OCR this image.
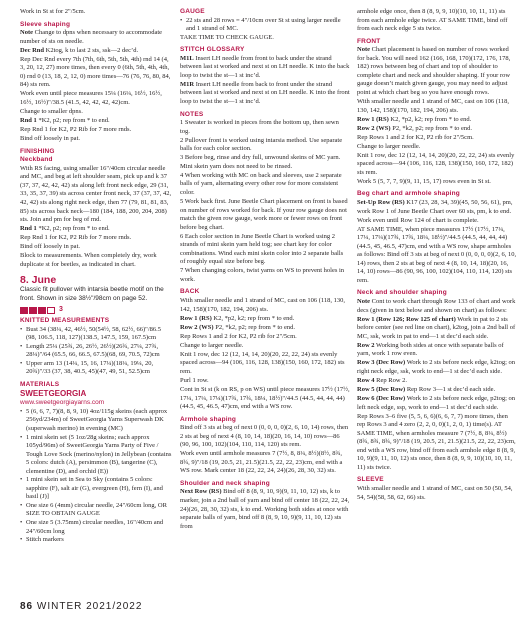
Work in St st for 2"/5cm.

Sleeve shaping

Note Change to dpns when necessary to accommodate number of sts on needle.

Dec Rnd K2tog, k to last 2 sts, ssk—2 dec’d.

Rep Dec Rnd every 7th (7th, 6th, 5th, 5th, 4th) rnd 14 (4, 3, 20, 12, 27) more times, then every 0 (6th, 5th, 4th, 4th, 0) rnd 0 (13, 18, 2, 12, 0) more times—76 (76, 76, 80, 84, 84) sts rem.

Work even until piece measures 15¼ (16¼, 16½, 16½, 16½, 16½)"/38.5 (41.5, 42, 42, 42, 42)cm.

Change to smaller dpns.

Rnd 1 *K2, p2; rep from * to end.

Rep Rnd 1 for K2, P2 Rib for 7 more rnds.

Bind off loosely in pat.

FINISHING
Neckband

With RS facing, using smaller 16"/40cm circular needle and MC, and beg at left shoulder seam, pick up and k 37 (37, 37, 42, 42, 42) sts along left front neck edge, 29 (31, 33, 35, 37, 39) sts across center front neck, 37 (37, 37, 42, 42, 42) sts along right neck edge, then 77 (79, 81, 81, 83, 85) sts across back neck—180 (184, 188, 200, 204, 208) sts. Join and pm for beg of rnd.

Rnd 1 *K2, p2; rep from * to end.

Rep Rnd 1 for K2, P2 Rib for 7 more rnds.

Bind off loosely in pat.

Block to measurements. When completely dry, work duplicate st for beetles, as indicated in chart.

8. June

Classic fit pullover with intarsia beetle motif on the front. Shown in size 38½"/98cm on page 52.

3
KNITTED MEASUREMENTS
• Bust 34 (38¼, 42, 46½, 50(54½, 58, 62½, 66)"/86.5 (98, 106.5, 118, 127)(138.5, 147.5, 159, 167.5)cm
• Length 25¼ (25¾, 26, 26½, 26½)(26¾, 27¼, 27¾, 28¼)"/64 (65.5, 66, 66.5, 67.5)(68, 69, 70.5, 72)cm
• Upper arm 13 (14¼, 15, 16, 17¼)(18¼, 19¼, 20, 20¾)"/33 (37, 38, 40.5, 45)(47, 49, 51, 52.5)cm
MATERIALS
SWEETGEORGIA
www.sweetgeorgiayarns.com
• 5 (6, 6, 7, 7)(8, 8, 9, 10) 4oz/115g skeins (each approx 256yd/234m) of SweetGeorgia Yarns Superwash DK (superwash merino) in evening (MC)
• 1 mini skein set (5 1oz/28g skeins; each approx 105yd/96m) of SweetGeorgia Yarns Party of Five / Tough Love Sock (merino/nylon) in Jellybean (contains 5 colors: dutch (A), persimmon (B), tangerine (C), clementine (D), and orchid (E))
• 1 mini skein set in Sea to Sky (contains 5 colors: sapphire (F), salt air (G), evergreen (H), fern (I), and basil (J)]
• One size 6 (4mm) circular needle, 24"/60cm long, OR SIZE TO OBTAIN GAUGE
• One size 5 (3.75mm) circular needles, 16"/40cm and 24"/60cm long
• Stitch markers
GAUGE
• 22 sts and 28 rows = 4"/10cm over St st using larger needle and 1 strand of MC.

TAKE TIME TO CHECK GAUGE.

STITCH GLOSSARY

M1L Insert LH needle from front to back under the strand between last st worked and next st on LH needle. K into the back loop to twist the st—1 st inc’d.

M1R Insert LH needle from back to front under the strand between last st worked and next st on LH needle. K into the front loop to twist the st—1 st inc’d.

NOTES

1 Sweater is worked in pieces from the bottom up, then sewn tog.

2 Pullover front is worked using intarsia method. Use separate balls for each color section.

3 Before beg, rinse and dry full, unwound skeins of MC yarn. Mini skein yarn does not need to be rinsed.

4 When working with MC on back and sleeves, use 2 separate balls of yarn, alternating every other row for more consistent color.

5 Work back first. June Beetle Chart placement on front is based on number of rows worked for back. If your row gauge does not match the given row gauge, work more or fewer rows on front before beg chart.

6 Each color section in June Beetle Chart is worked using 2 strands of mini skein yarn held tog; see chart key for color combinations. Wind each mini skein color into 2 separate balls of roughly equal size before beg.

7 When changing colors, twist yarns on WS to prevent holes in work.

BACK

With smaller needle and 1 strand of MC, cast on 106 (118, 130, 142, 158)(170, 182, 194, 206) sts.

Row 1 (RS) K2, *p2, k2; rep from * to end.

Row 2 (WS) P2, *k2, p2; rep from * to end.

Rep Rows 1 and 2 for K2, P2 rib for 2"/5cm.

Change to larger needle.

Knit 1 row, dec 12 (12, 14, 14, 20)(20, 22, 22, 24) sts evenly spaced across—94 (106, 116, 128, 138)(150, 160, 172, 182) sts rem.

Purl 1 row.

Cont in St st (k on RS, p on WS) until piece measures 17½ (17½, 17¼, 17¼, 17¼)(17¾, 17¾, 18¼, 18½)"/44.5 (44.5, 44, 44, 44)(44.5, 45, 46.5, 47)cm, end with a WS row.

Armhole shaping

Bind off 3 sts at beg of next 0 (0, 0, 0, 0)(2, 6, 10, 14) rows, then 2 sts at beg of next 4 (8, 10, 14, 18)(20, 16, 14, 10) rows—86 (90, 96, 100, 102)(104, 110, 114, 120) sts rem.

Work even until armhole measures 7 (7½, 8, 8¼, 8½)(8½, 8¾, 8¾, 9)"/18 (19, 20.5, 21, 21.5)(21.5, 22, 22, 23)cm, end with a WS row. Mark center 18 (22, 22, 24, 24)(26, 28, 30, 32) sts.

Shoulder and neck shaping

Next Row (RS) Bind off 8 (8, 9, 10, 9)(9, 11, 10, 12) sts, k to marker, join a 2nd ball of yarn and bind off center 18 (22, 22, 24, 24)(26, 28, 30, 32) sts, k to end. Working both sides at once with separate balls of yarn, bind off 8 (8, 9, 10, 9)(9, 11, 10, 12) sts from

armhole edge once, then 8 (8, 9, 9, 10)(10, 10, 11, 11) sts from each armhole edge twice. AT SAME TIME, bind off from each neck edge 5 sts twice.

FRONT

Note Chart placement is based on number of rows worked for back. You will need 162 (166, 168, 170)(172, 176, 178, 182) rows between beg of chart and top of shoulder to complete chart and neck and shoulder shaping. If your row gauge doesn’t match given gauge, you may need to adjust point at which chart beg so you have enough rows.

With smaller needle and 1 strand of MC, cast on 106 (118, 130, 142, 158)(170, 182, 194, 206) sts.

Row 1 (RS) K2, *p2, k2; rep from * to end.

Row 2 (WS) P2, *k2, p2; rep from * to end.

Rep Rows 1 and 2 for K2, P2 rib for 2"/5cm.

Change to larger needle.

Knit 1 row, dec 12 (12, 14, 14, 20)(20, 22, 22, 24) sts evenly spaced across—94 (106, 116, 128, 138)(150, 160, 172, 182) sts rem.

Work 5 (5, 7, 7, 9)(9, 11, 15, 17) rows even in St st.

Beg chart and armhole shaping

Set-Up Row (RS) K17 (23, 28, 34, 39)(45, 50, 56, 61), pm, work Row 1 of June Beetle Chart over 60 sts, pm, k to end.

Work even until Row 124 of chart is complete.

AT SAME TIME, when piece measures 17½ (17½, 17¼, 17¼, 17¼)(17¾, 17¾, 18¼, 18½)"/44.5 (44.5, 44, 44, 44)(44.5, 45, 46.5, 47)cm, end with a WS row, shape armholes as follows: Bind off 3 sts at beg of next 0 (0, 0, 0, 0)(2, 6, 10, 14) rows, then 2 sts at beg of next 4 (8, 10, 14, 18)(20, 16, 14, 10) rows—86 (90, 96, 100, 102)(104, 110, 114, 120) sts rem.

Neck and shoulder shaping

Note Cont to work chart through Row 133 of chart and work decs (given in text below and shown on chart) as follows:

Row 1 (Row 126; Row 125 of chart) Work in pat to 2 sts before center (see red line on chart), k2tog, join a 2nd ball of MC, ssk, work in pat to end—1 st dec’d each side.

Row 2 Working both sides at once with separate balls of yarn, work 1 row even.

Row 3 (Dec Row) Work to 2 sts before neck edge, k2tog; on right neck edge, ssk, work to end—1 st dec’d each side.

Row 4 Rep Row 2.

Row 5 (Dec Row) Rep Row 3—1 st dec’d each side.

Row 6 (Dec Row) Work to 2 sts before neck edge, p2tog; on left neck edge, ssp, work to end—1 st dec’d each side.

Rep Rows 3–6 five (5, 5, 6, 6)(6, 6, 7, 7) more times, then rep Rows 3 and 4 zero (2, 2, 0, 0)(1, 2, 0, 1) time(s). AT SAME TIME, when armholes measure 7 (7½, 8, 8¼, 8½)(8¾, 8¾, 8¾, 9)"/18 (19, 20.5, 21, 21.5)(21.5, 22, 22, 23)cm, end with a WS row, bind off from each armhole edge 8 (8, 9, 10, 9)(9, 11, 10, 12) sts once, then 8 (8, 9, 9, 10)(10, 10, 11, 11) sts twice.

SLEEVE

With smaller needle and 1 strand of MC, cast on 50 (50, 54, 54, 54)(58, 58, 62, 66) sts.

86 WINTER 2021/2022
